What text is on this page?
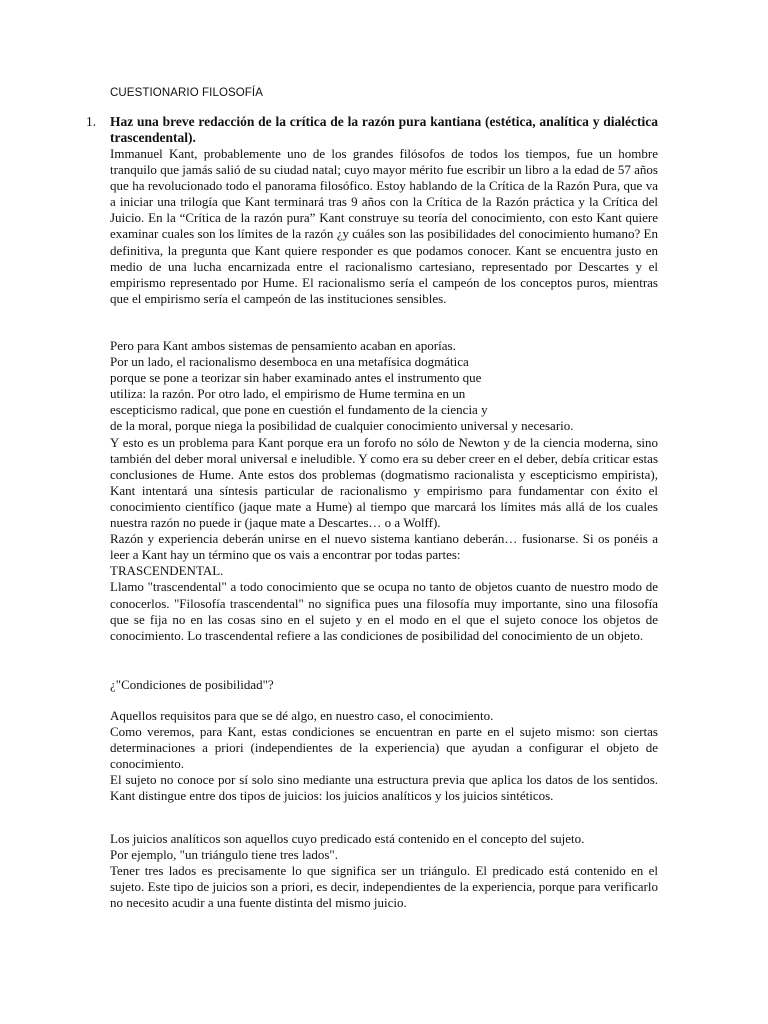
CUESTIONARIO FILOSOFÍA
1. Haz una breve redacción de la crítica de la razón pura kantiana (estética, analítica y dialéctica trascendental).

Immanuel Kant, probablemente uno de los grandes filósofos de todos los tiempos, fue un hombre tranquilo que jamás salió de su ciudad natal; cuyo mayor mérito fue escribir un libro a la edad de 57 años que ha revolucionado todo el panorama filosófico. Estoy hablando de la Crítica de la Razón Pura, que va a iniciar una trilogía que Kant terminará tras 9 años con la Crítica de la Razón práctica y la Crítica del Juicio. En la “Crítica de la razón pura” Kant construye su teoría del conocimiento, con esto Kant quiere examinar cuales son los límites de la razón ¿y cuáles son las posibilidades del conocimiento humano? En definitiva, la pregunta que Kant quiere responder es que podamos conocer. Kant se encuentra justo en medio de una lucha encarnizada entre el racionalismo cartesiano, representado por Descartes y el empirismo representado por Hume. El racionalismo sería el campeón de los conceptos puros, mientras que el empirismo sería el campeón de las instituciones sensibles.

Pero para Kant ambos sistemas de pensamiento acaban en aporías.
Por un lado, el racionalismo desemboca en una metafísica dogmática
porque se pone a teorizar sin haber examinado antes el instrumento que
utiliza: la razón. Por otro lado, el empirismo de Hume termina en un
escepticismo radical, que pone en cuestión el fundamento de la ciencia y
de la moral, porque niega la posibilidad de cualquier conocimiento universal y necesario.

Y esto es un problema para Kant porque era un forofo no sólo de Newton y de la ciencia moderna, sino también del deber moral universal e ineludible. Y como era su deber creer en el deber, debía criticar estas conclusiones de Hume. Ante estos dos problemas (dogmatismo racionalista y escepticismo empirista), Kant intentará una síntesis particular de racionalismo y empirismo para fundamentar con éxito el conocimiento científico (jaque mate a Hume) al tiempo que marcará los límites más allá de los cuales nuestra razón no puede ir (jaque mate a Descartes… o a Wolff).

Razón y experiencia deberán unirse en el nuevo sistema kantiano deberán… fusionarse. Si os ponéis a leer a Kant hay un término que os vais a encontrar por todas partes:

TRASCENDENTAL.

Llamo "trascendental" a todo conocimiento que se ocupa no tanto de objetos cuanto de nuestro modo de conocerlos. "Filosofía trascendental" no significa pues una filosofía muy importante, sino una filosofía que se fija no en las cosas sino en el sujeto y en el modo en el que el sujeto conoce los objetos de conocimiento. Lo trascendental refiere a las condiciones de posibilidad del conocimiento de un objeto.

¿"Condiciones de posibilidad"?

Aquellos requisitos para que se dé algo, en nuestro caso, el conocimiento.

Como veremos, para Kant, estas condiciones se encuentran en parte en el sujeto mismo: son ciertas determinaciones a priori (independientes de la experiencia) que ayudan a configurar el objeto de conocimiento.

El sujeto no conoce por sí solo sino mediante una estructura previa que aplica los datos de los sentidos. Kant distingue entre dos tipos de juicios: los juicios analíticos y los juicios sintéticos.

Los juicios analíticos son aquellos cuyo predicado está contenido en el concepto del sujeto.

Por ejemplo, "un triángulo tiene tres lados".

Tener tres lados es precisamente lo que significa ser un triángulo. El predicado está contenido en el sujeto. Este tipo de juicios son a priori, es decir, independientes de la experiencia, porque para verificarlo no necesito acudir a una fuente distinta del mismo juicio.
